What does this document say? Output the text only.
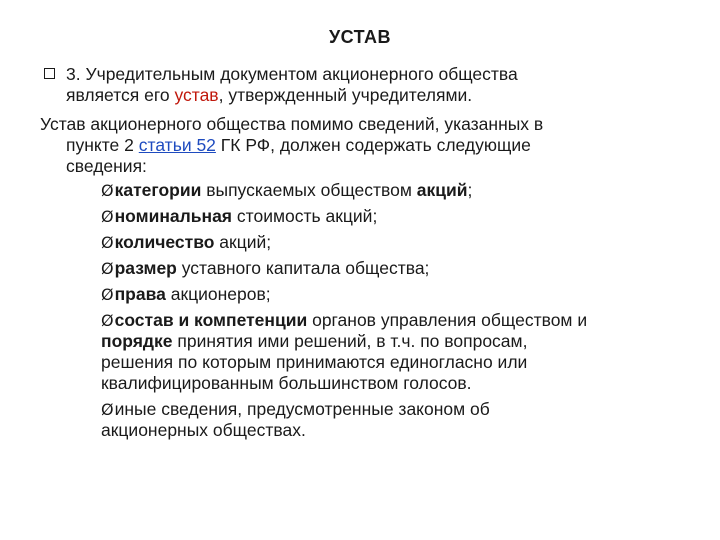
УСТАВ
3. Учредительным документом акционерного общества
является его устав, утвержденный учредителями.
Устав акционерного общества помимо сведений, указанных в
пункте 2 статьи 52 ГК РФ, должен содержать следующие
сведения:
Øкатегории выпускаемых обществом акций;
Øноминальная стоимость акций;
Øколичество акций;
Øразмер уставного капитала общества;
Øправа акционеров;
Øсостав и компетенции органов управления обществом и
порядке принятия ими решений, в т.ч. по вопросам,
решения по которым принимаются единогласно или
квалифицированным большинством голосов.
Øиные сведения, предусмотренные законом об
акционерных обществах.
